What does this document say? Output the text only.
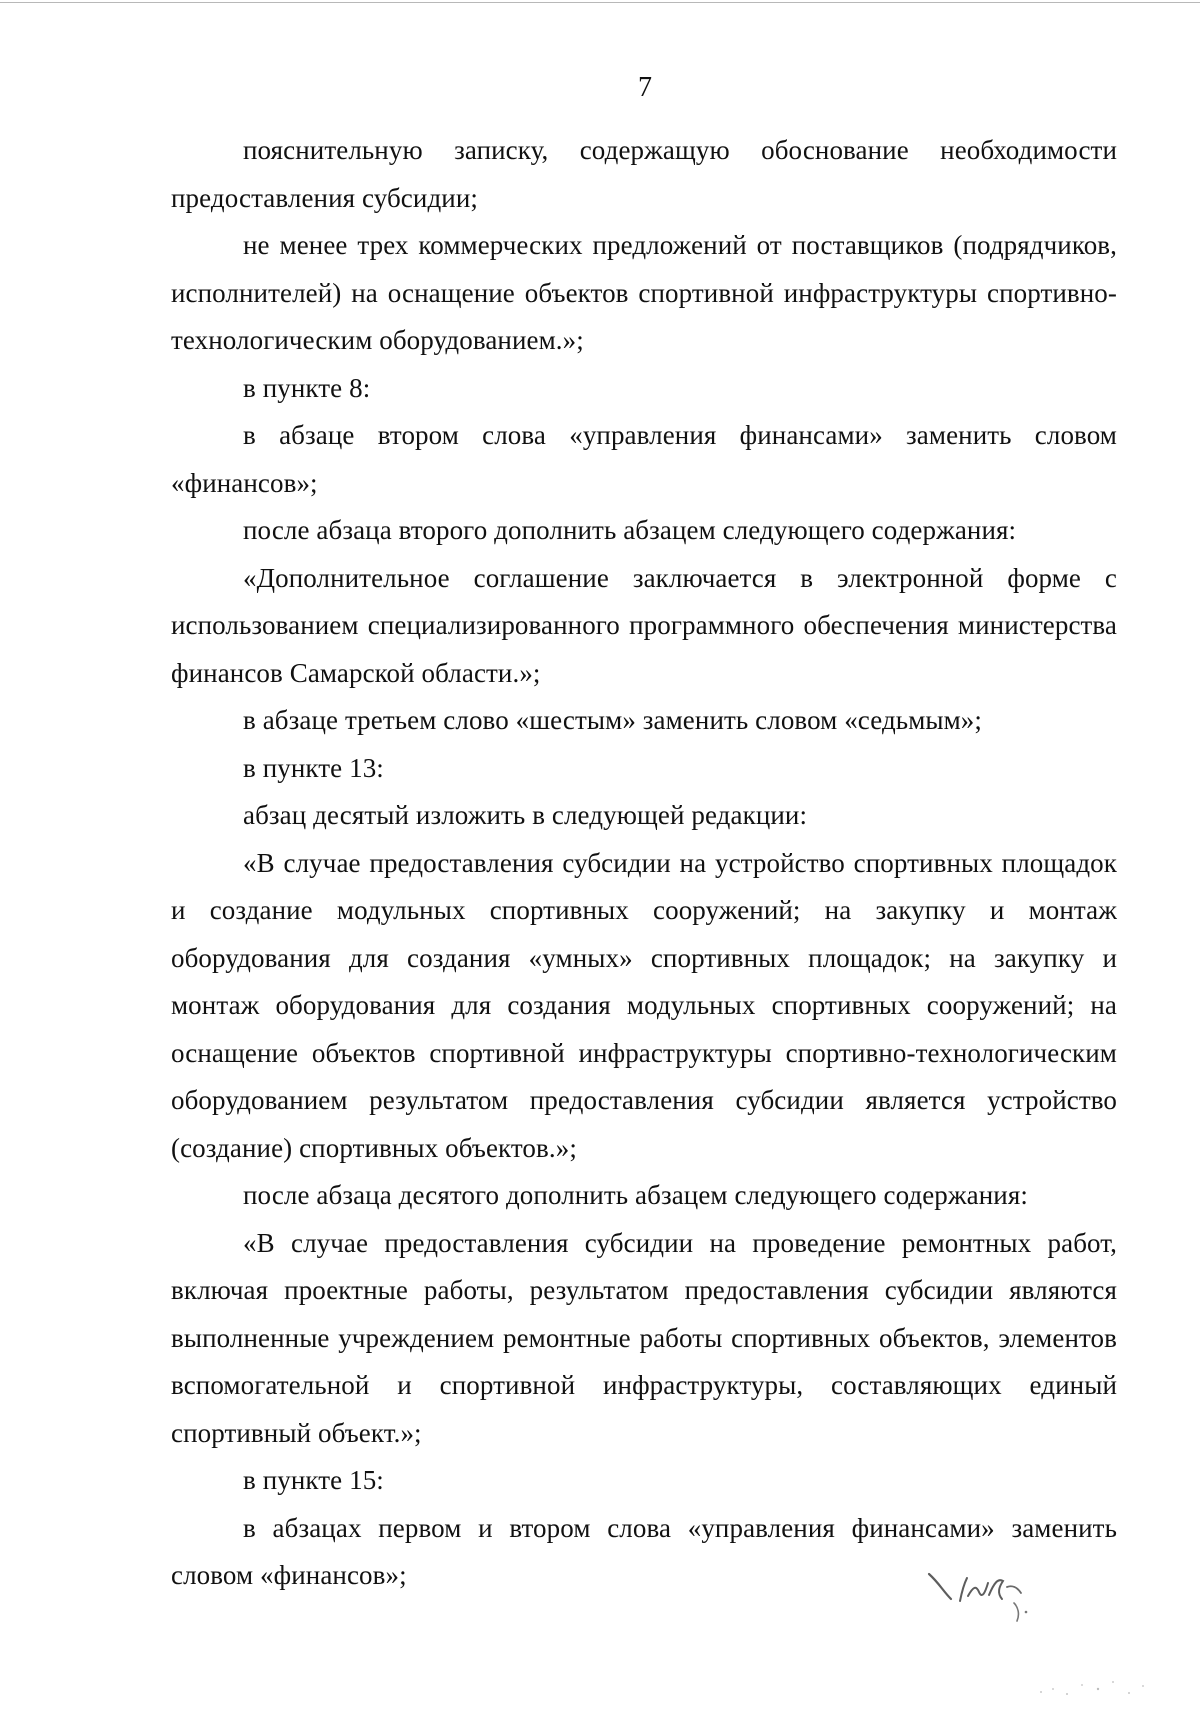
7

пояснительную записку, содержащую обоснование необходимости предоставления субсидии;

не менее трех коммерческих предложений от поставщиков (подрядчиков, исполнителей) на оснащение объектов спортивной инфраструктуры спортивно-технологическим оборудованием.»;

в пункте 8:

в абзаце втором слова «управления финансами» заменить словом «финансов»;

после абзаца второго дополнить абзацем следующего содержания:

«Дополнительное соглашение заключается в электронной форме с использованием специализированного программного обеспечения министерства финансов Самарской области.»;

в абзаце третьем слово «шестым» заменить словом «седьмым»;

в пункте 13:

абзац десятый изложить в следующей редакции:

«В случае предоставления субсидии на устройство спортивных площадок и создание модульных спортивных сооружений; на закупку и монтаж оборудования для создания «умных» спортивных площадок; на закупку и монтаж оборудования для создания модульных спортивных сооружений; на оснащение объектов спортивной инфраструктуры спортивно-технологическим оборудованием результатом предоставления субсидии является устройство (создание) спортивных объектов.»;

после абзаца десятого дополнить абзацем следующего содержания:

«В случае предоставления субсидии на проведение ремонтных работ, включая проектные работы, результатом предоставления субсидии являются выполненные учреждением ремонтные работы спортивных объектов, элементов вспомогательной и спортивной инфраструктуры, составляющих единый спортивный объект.»;

в пункте 15:

в абзацах первом и втором слова «управления финансами» заменить словом «финансов»;
